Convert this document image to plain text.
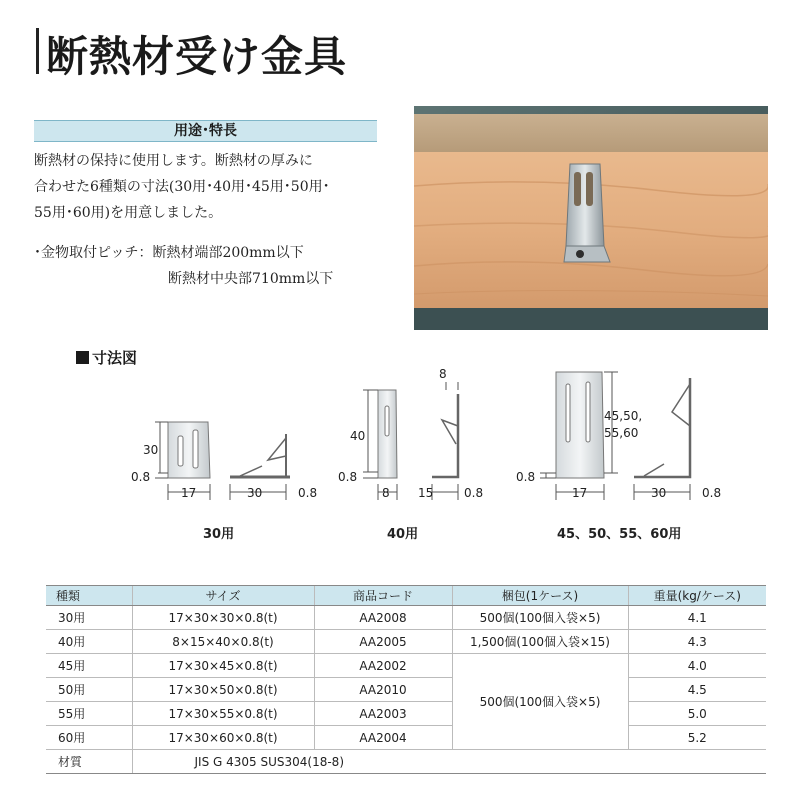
断熱材受け金具
用途･特長
断熱材の保持に使用します。断熱材の厚みに
合わせた6種類の寸法(30用･40用･45用･50用･
55用･60用)を用意しました。
･金物取付ピッチ：断熱材端部200mm以下
断熱材中央部710mm以下
寸法図
30
0.8
17	30	0.8
30用
40
0.8
8
8
15	0.8
40用
0.8
45,50,
55,60
17	30	0.8
45、50、55、60用
種類	サイズ	商品コード	梱包(1ケース)	重量(kg/ケース)
30用	17×30×30×0.8(t)	AA2008	500個(100個入袋×5)	4.1
40用	8×15×40×0.8(t)	AA2005	1,500個(100個入袋×15)	4.3
45用	17×30×45×0.8(t)	AA2002	500個(100個入袋×5)	4.0
50用	17×30×50×0.8(t)	AA2010		4.5
55用	17×30×55×0.8(t)	AA2003		5.0
60用	17×30×60×0.8(t)	AA2004		5.2
材質	JIS G 4305 SUS304(18-8)			
